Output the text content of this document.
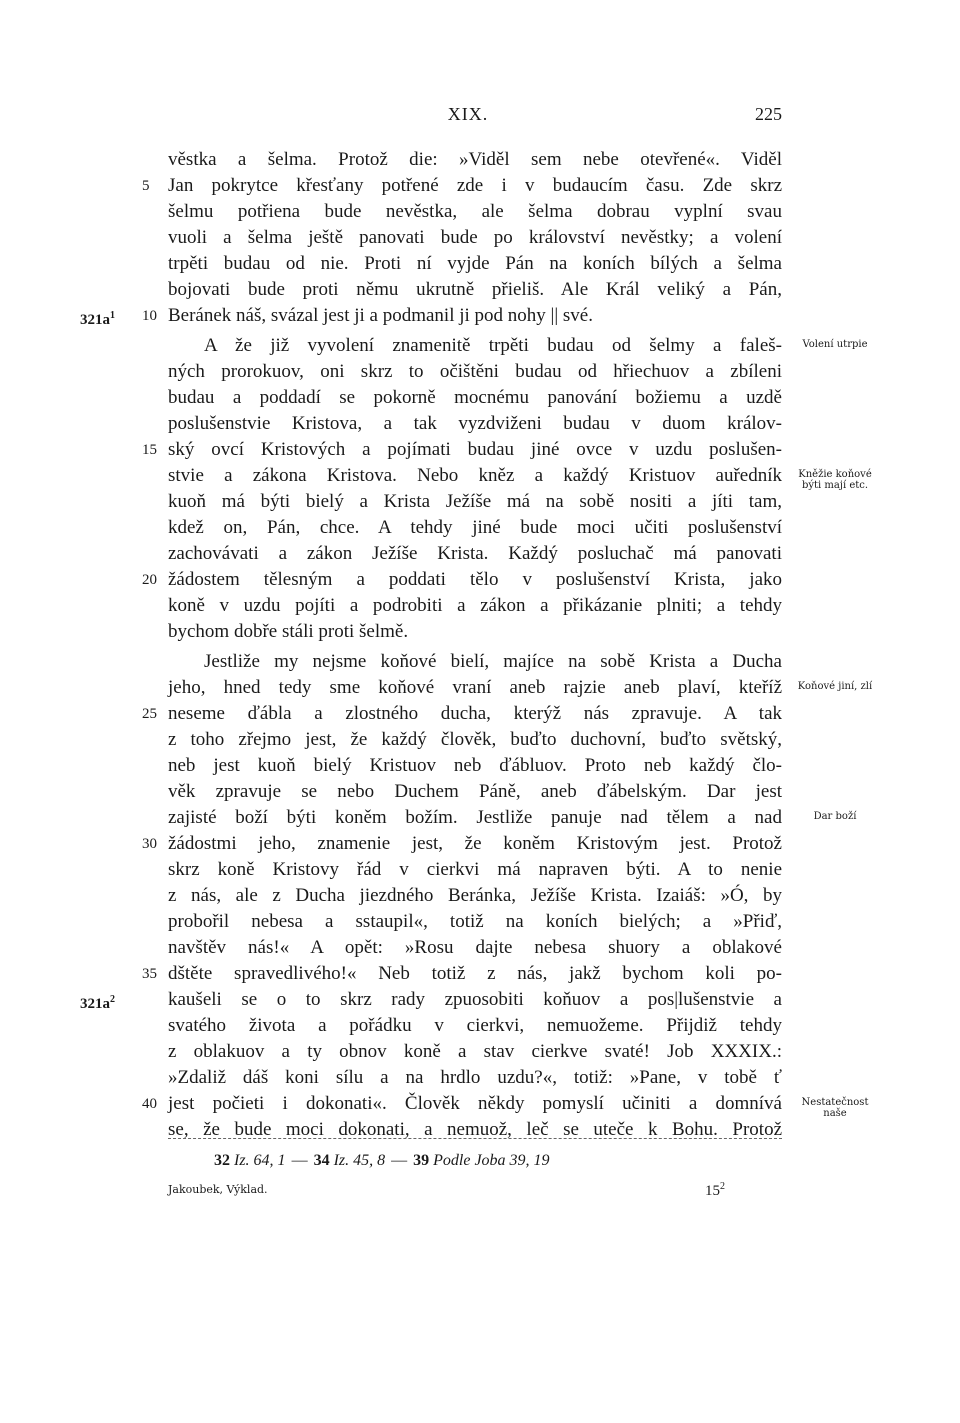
XIX.	225
věstka a šelma. Protož die: »Viděl sem nebe otevřené«. Viděl
Jan pokrytce křesťany potřené zde i v budaucím času. Zde skrz
5
šelmu potřiena bude nevěstka, ale šelma dobrau vyplní svau
vuoli a šelma ještě panovati bude po království nevěstky; a volení
trpěti budau od nie. Proti ní vyjde Pán na koních bílých a šelma
bojovati bude proti němu ukrutně přieliš. Ale Král veliký a Pán,
Beránek náš, svázal jest ji a podmanil ji pod nohy || své.
10
$321a^1$
A že již vyvolení znamenitě trpěti budau od šelmy a faleš-
ných prorokuov, oni skrz to očištěni budau od hřiechuov a zbíleni
budau a poddadí se pokorně mocnému panování božiemu a uzdě
poslušenstvie Kristova, a tak vyzdviženi budau v duom králov-
ský ovcí Kristových a pojímati budau jiné ovce v uzdu poslušen-
15
stvie a zákona Kristova. Nebo kněz a každý Kristuov auředník
kuoň má býti bielý a Krista Ježíše má na sobě nositi a jíti tam,
kdež on, Pán, chce. A tehdy jiné bude moci učiti poslušenství
zachovávati a zákon Ježíše Krista. Každý posluchač má panovati
žádostem tělesným a poddati tělo v poslušenství Krista, jako
20
koně v uzdu pojíti a podrobiti a zákon a přikázanie plniti; a tehdy
bychom dobře stáli proti šelmě.
Jestliže my nejsme koňové bielí, majíce na sobě Krista a Ducha
jeho, hned tedy sme koňové vraní aneb rajzie aneb plaví, kteříž
neseme ďábla a zlostného ducha, kterýž nás zpravuje. A tak
25
z toho zřejmo jest, že každý člověk, buďto duchovní, buďto světský,
neb jest kuoň bielý Kristuov neb ďábluov. Proto neb každý člo-
věk zpravuje se nebo Duchem Páně, aneb ďábelským. Dar jest
zajisté boží býti koněm božím. Jestliže panuje nad tělem a nad
žádostmi jeho, znamenie jest, že koněm Kristovým jest. Protož
30
skrz koně Kristovy řád v cierkvi má napraven býti. A to nenie
z nás, ale z Ducha jiezdného Beránka, Ježíše Krista. Izaiáš: »Ó, by
probořil nebesa a sstaupil«, totiž na koních bielých; a »Přiď,
navštěv nás!« A opět: »Rosu dajte nebesa shuory a oblakové
dštěte spravedlivého!« Neb totiž z nás, jakž bychom koli po-
35
kaušeli se o to skrz rady zpuosobiti koňuov a pos|lušenstvie a
$321a^2$
svatého života a pořádku v cierkvi, nemuožeme. Přijdiž tehdy
z oblakuov a ty obnov koně a stav cierkve svaté! Job XXXIX.:
»Zdaliž dáš koni sílu a na hrdlo uzdu?«, totiž: »Pane, v tobě ť
jest počieti i dokonati«. Člověk někdy pomyslí učiniti a domnívá
40
se, že bude moci dokonati, a nemuož, leč se uteče k Bohu. Protož
Volení utrpie
Kněžie koňové býti mají etc.
Koňové jiní, zlí
Dar boží
Nestatečnost naše
32 Iz. 64, 1 — 34 Iz. 45, 8 — 39 Podle Joba 39, 19
Jakoubek, Výklad.	$15^2$
